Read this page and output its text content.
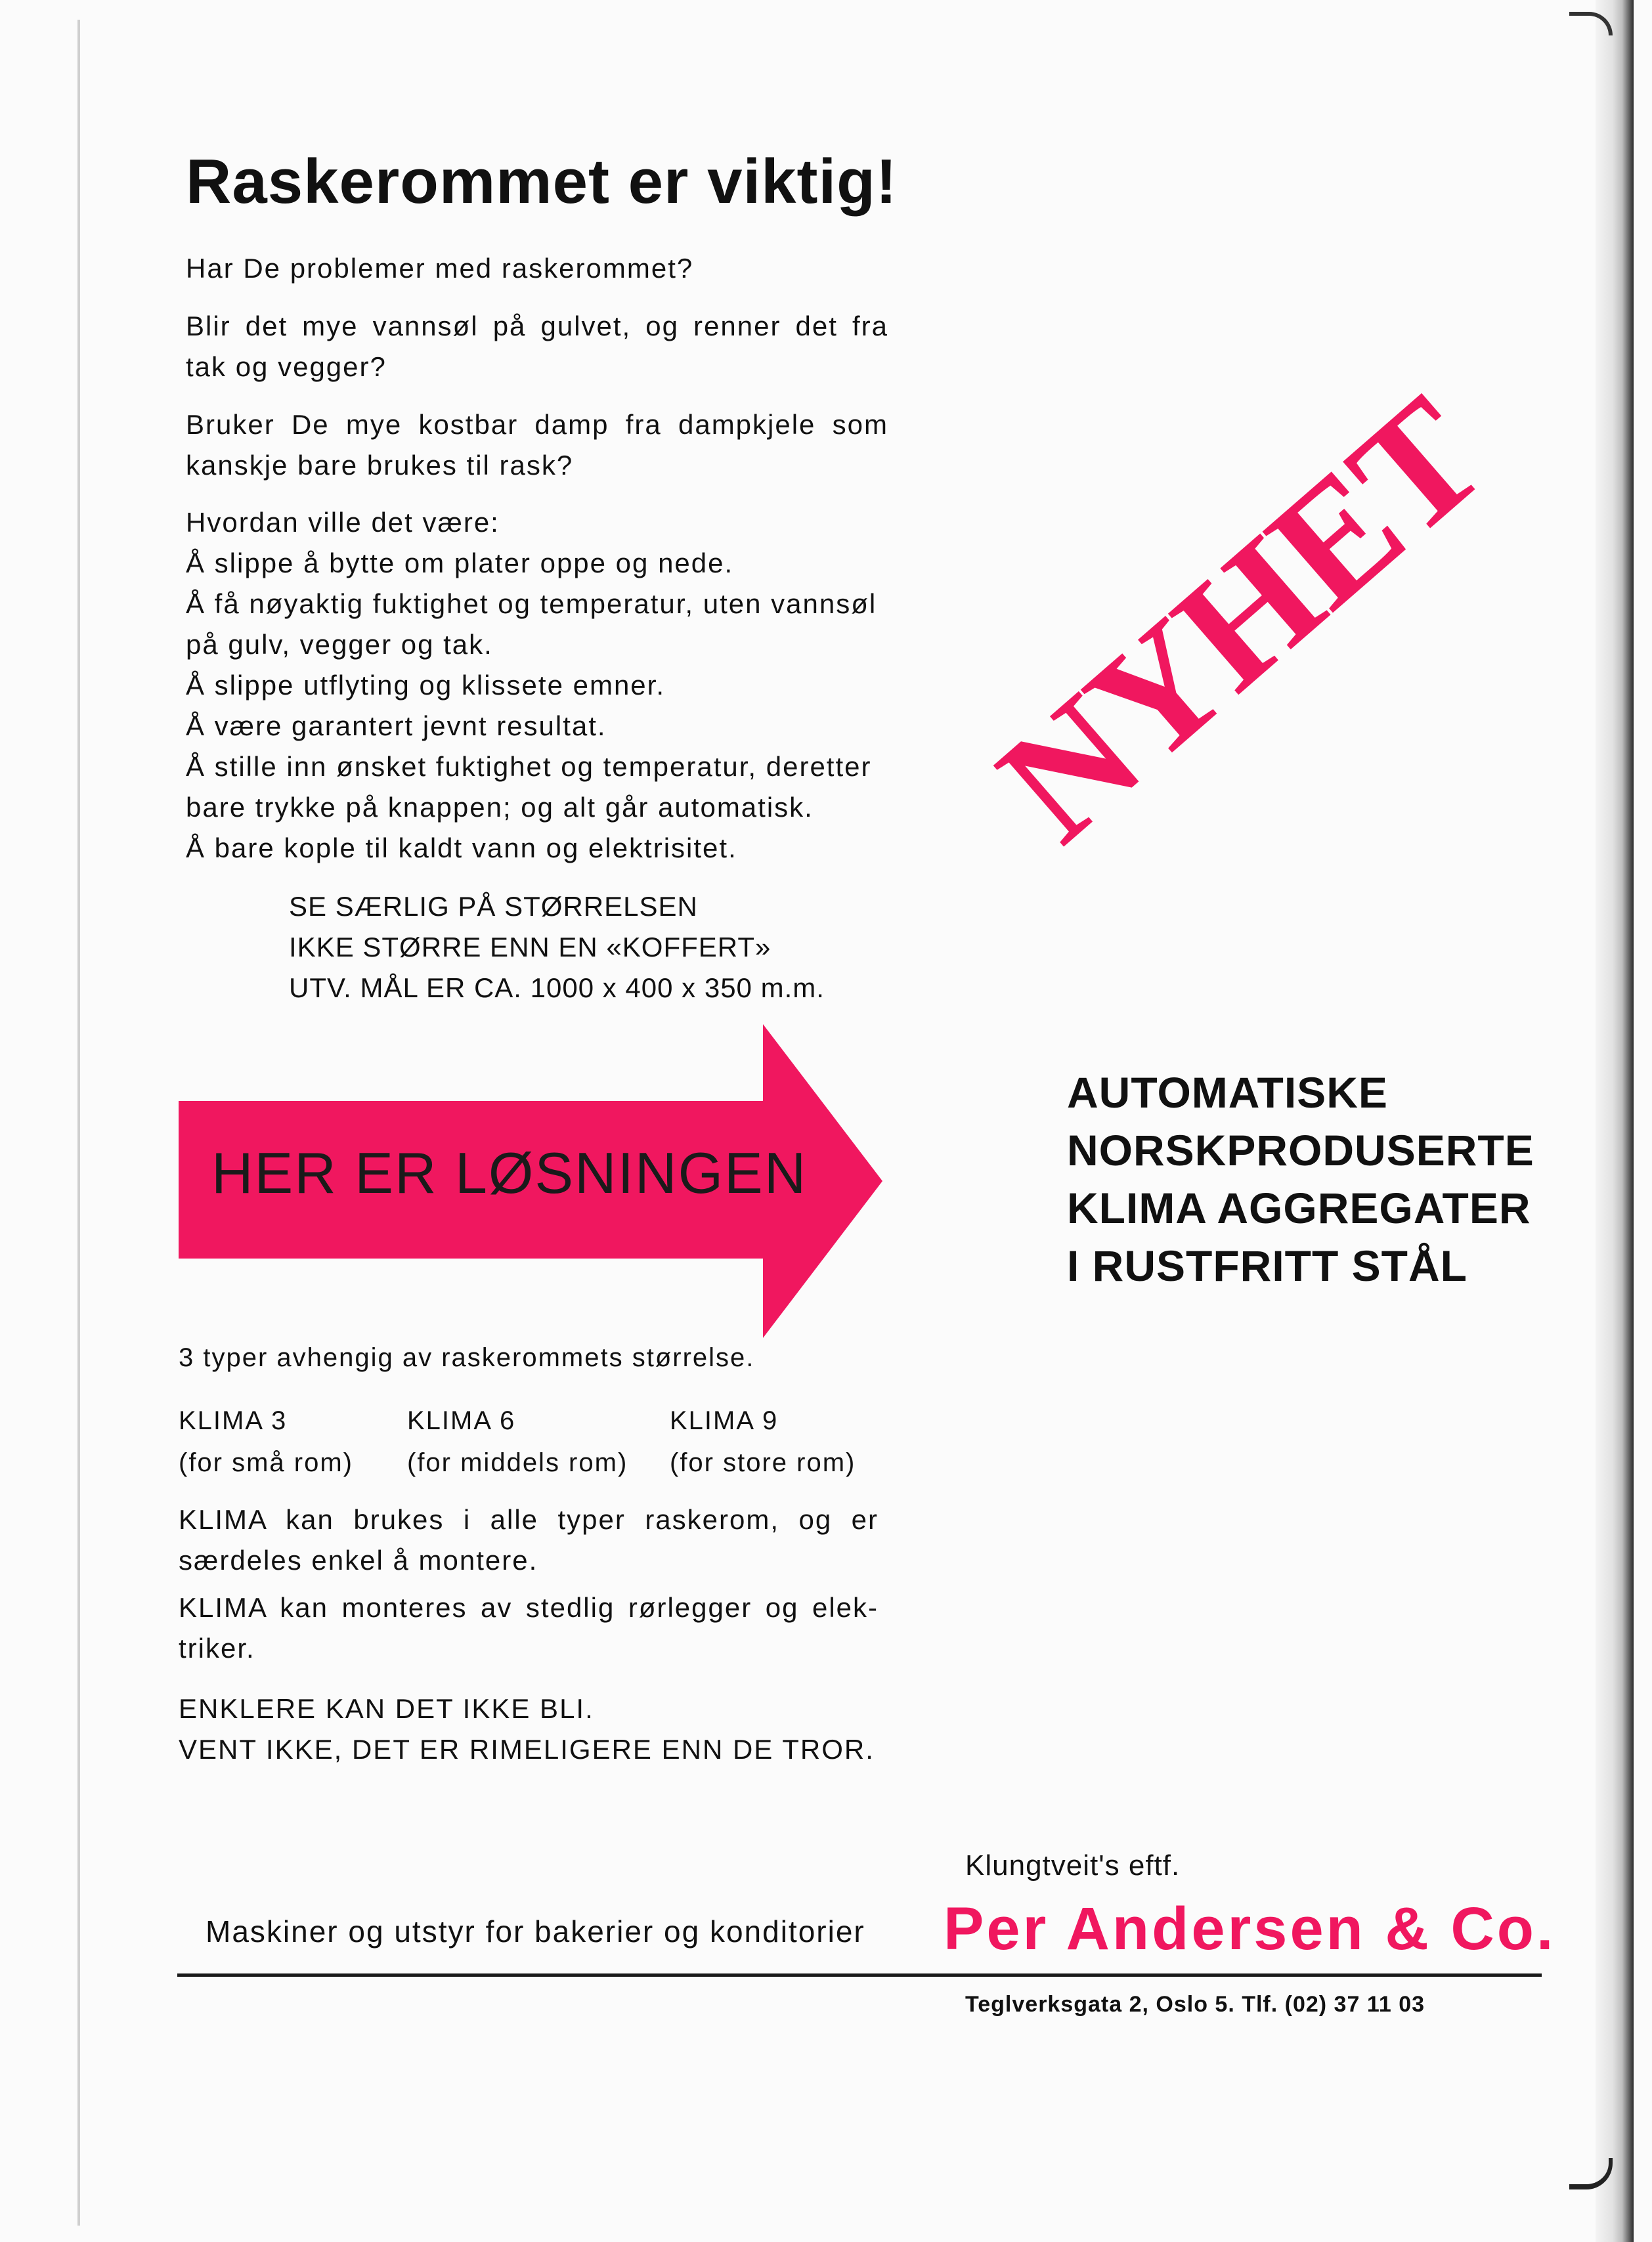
Raskerommet er viktig!

Har De problemer med raskerommet?

Blir det mye vannsøl på gulvet, og renner det fra tak og vegger?

Bruker De mye kostbar damp fra dampkjele som kanskje bare brukes til rask?

Hvordan ville det være:
Å slippe å bytte om plater oppe og nede.
Å få nøyaktig fuktighet og temperatur, uten vannsøl
på gulv, vegger og tak.
Å slippe utflyting og klissete emner.
Å være garantert jevnt resultat.
Å stille inn ønsket fuktighet og temperatur, deretter
bare trykke på knappen; og alt går automatisk.
Å bare kople til kaldt vann og elektrisitet.
SE SÆRLIG PÅ STØRRELSEN
IKKE STØRRE ENN EN «KOFFERT»
UTV. MÅL ER CA. 1000 x 400 x 350 m.m.
NYHET
HER ER LØSNINGEN
AUTOMATISKE
NORSKPRODUSERTE
KLIMA AGGREGATER
I RUSTFRITT STÅL

3 typer avhengig av raskerommets størrelse.

KLIMA 3
(for små rom)
KLIMA 6
(for middels rom)
KLIMA 9
(for store rom)

KLIMA kan brukes i alle typer raskerom, og er særdeles enkel å montere.

KLIMA kan monteres av stedlig rørlegger og elek-triker.

ENKLERE KAN DET IKKE BLI.
VENT IKKE, DET ER RIMELIGERE ENN DE TROR.
Klungtveit's eftf.
Maskiner og utstyr for bakerier og konditorier Per Andersen & Co.
Teglverksgata 2, Oslo 5. Tlf. (02) 37 11 03
